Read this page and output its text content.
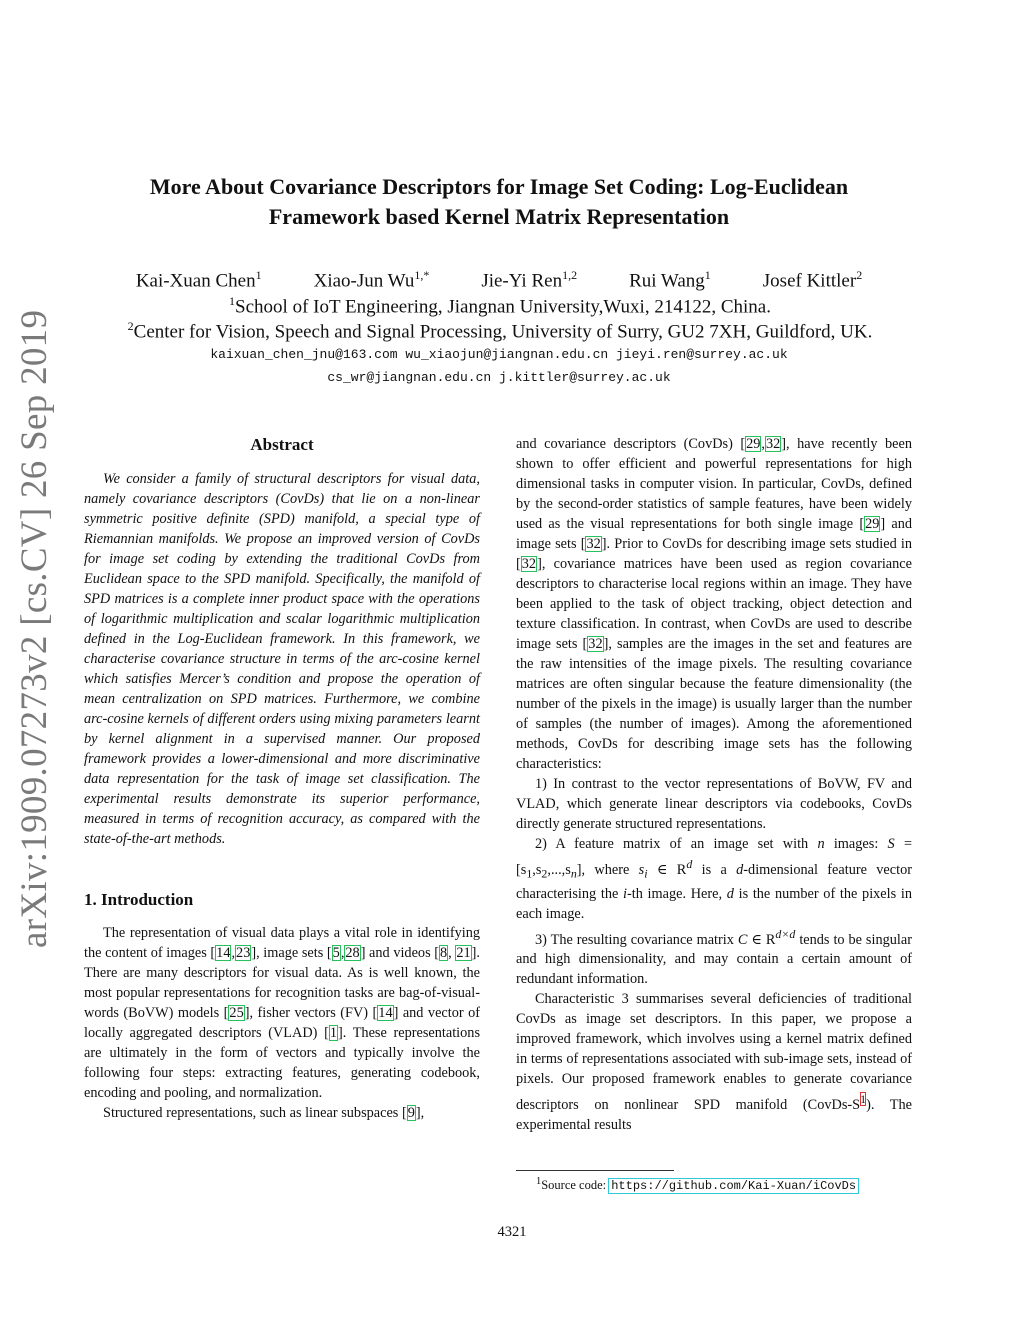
arXiv:1909.07273v2 [cs.CV] 26 Sep 2019
More About Covariance Descriptors for Image Set Coding: Log-Euclidean
Framework based Kernel Matrix Representation
Kai-Xuan Chen$^1$	Xiao-Jun $Wu^{1,*}$	Jie-Yi Ren$^{1,2}$	Rui Wang$^1$	Josef Kittler$^2$
$^1$School of IoT Engineering, Jiangnan University,Wuxi, 214122, China.
$^2$Center for Vision, Speech and Signal Processing, University of Surry, GU2 7XH, Guildford, UK.
kaixuan_chen_jnu@163.com wu_xiaojun@jiangnan.edu.cn jieyi.ren@surrey.ac.uk
cs_wr@jiangnan.edu.cn j.kittler@surrey.ac.uk
Abstract

We consider a family of structural descriptors for visual data, namely covariance descriptors (CovDs) that lie on a non-linear symmetric positive definite (SPD) manifold, a special type of Riemannian manifolds. We propose an improved version of CovDs for image set coding by extending the traditional CovDs from Euclidean space to the SPD manifold. Specifically, the manifold of SPD matrices is a complete inner product space with the operations of logarithmic multiplication and scalar logarithmic multiplication defined in the Log-Euclidean framework. In this framework, we characterise covariance structure in terms of the arc-cosine kernel which satisfies Mercer’s condition and propose the operation of mean centralization on SPD matrices. Furthermore, we combine arc-cosine kernels of different orders using mixing parameters learnt by kernel alignment in a supervised manner. Our proposed framework provides a lower-dimensional and more discriminative data representation for the task of image set classification. The experimental results demonstrate its superior performance, measured in terms of recognition accuracy, as compared with the state-of-the-art methods.

1. Introduction

The representation of visual data plays a vital role in identifying the content of images [14,23], image sets [5,28] and videos [8, 21]. There are many descriptors for visual data. As is well known, the most popular representations for recognition tasks are bag-of-visual-words (BoVW) models [25], fisher vectors (FV) [14] and vector of locally aggregated descriptors (VLAD) [1]. These representations are ultimately in the form of vectors and typically involve the following four steps: extracting features, generating codebook, encoding and pooling, and normalization.

Structured representations, such as linear subspaces [9],

and covariance descriptors (CovDs) [29,32], have recently been shown to offer efficient and powerful representations for high dimensional tasks in computer vision. In particular, CovDs, defined by the second-order statistics of sample features, have been widely used as the visual representations for both single image [29] and image sets [32]. Prior to CovDs for describing image sets studied in [32], covariance matrices have been used as region covariance descriptors to characterise local regions within an image. They have been applied to the task of object tracking, object detection and texture classification. In contrast, when CovDs are used to describe image sets [32], samples are the images in the set and features are the raw intensities of the image pixels. The resulting covariance matrices are often singular because the feature dimensionality (the number of the pixels in the image) is usually larger than the number of samples (the number of images). Among the aforementioned methods, CovDs for describing image sets has the following characteristics:

1) In contrast to the vector representations of BoVW, FV and VLAD, which generate linear descriptors via codebooks, CovDs directly generate structured representations.

2) A feature matrix of an image set with n images: $S = [s_1,s_2,...,s_n]$, where $s_i$ ∈ $R^d$ is a d-dimensional feature vector characterising the i-th image. Here, d is the number of the pixels in each image.

3) The resulting covariance matrix C ∈ $R^{d\times d}$ tends to be singular and high dimensionality, and may contain a certain amount of redundant information.

Characteristic 3 summarises several deficiencies of traditional CovDs as image set descriptors. In this paper, we propose a improved framework, which involves using a kernel matrix defined in terms of representations associated with sub-image sets, instead of pixels. Our proposed framework enables to generate covariance descriptors on nonlinear SPD manifold (CovDs-S$^1$). The experimental results

$^1$Source code: https://github.com/Kai-Xuan/iCovDs
4321
